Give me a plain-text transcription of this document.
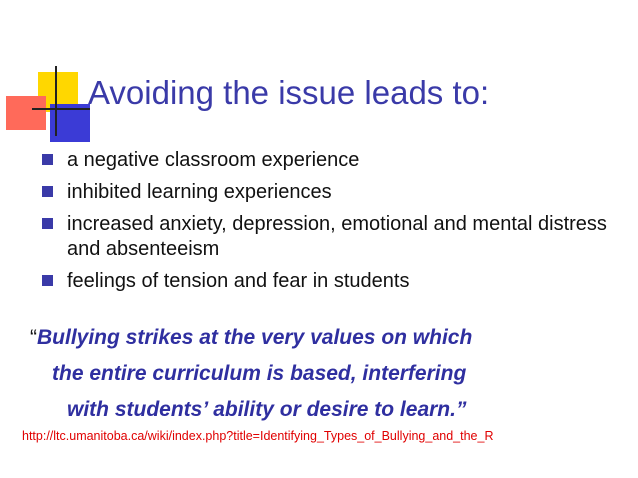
Avoiding the issue leads to:
a negative classroom experience
inhibited learning experiences
increased anxiety, depression, emotional and mental distress and absenteeism
feelings of tension and fear in students

“Bullying strikes at the very values on which
the entire curriculum is based, interfering
with students’ ability or desire to learn.”

http://ltc.umanitoba.ca/wiki/index.php?title=Identifying_Types_of_Bullying_and_the_R
